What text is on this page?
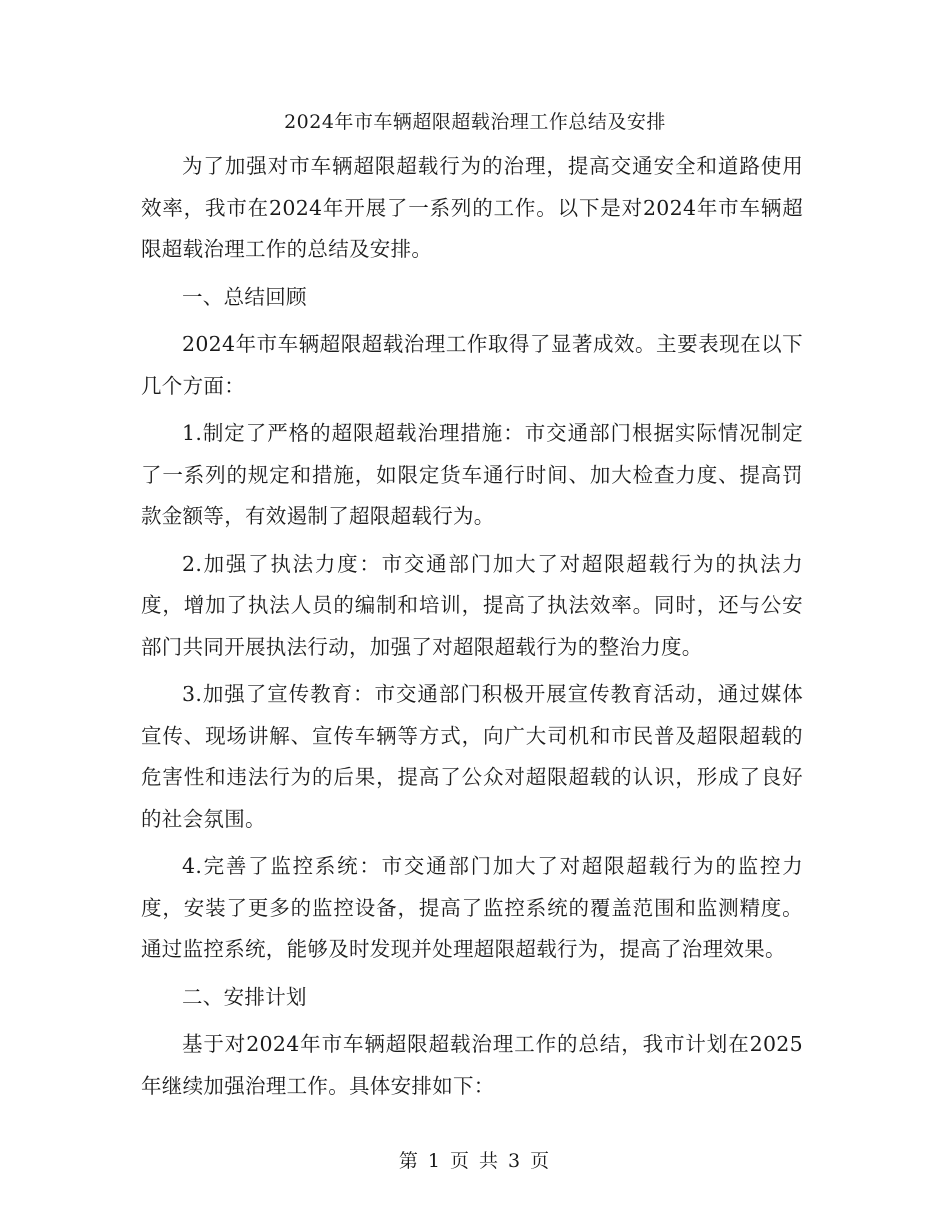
2024年市车辆超限超载治理工作总结及安排

为了加强对市车辆超限超载行为的治理，提高交通安全和道路使用效率，我市在2024年开展了一系列的工作。以下是对2024年市车辆超限超载治理工作的总结及安排。

一、总结回顾

2024年市车辆超限超载治理工作取得了显著成效。主要表现在以下几个方面：

1.制定了严格的超限超载治理措施：市交通部门根据实际情况制定了一系列的规定和措施，如限定货车通行时间、加大检查力度、提高罚款金额等，有效遏制了超限超载行为。

2.加强了执法力度：市交通部门加大了对超限超载行为的执法力度，增加了执法人员的编制和培训，提高了执法效率。同时，还与公安部门共同开展执法行动，加强了对超限超载行为的整治力度。

3.加强了宣传教育：市交通部门积极开展宣传教育活动，通过媒体宣传、现场讲解、宣传车辆等方式，向广大司机和市民普及超限超载的危害性和违法行为的后果，提高了公众对超限超载的认识，形成了良好的社会氛围。

4.完善了监控系统：市交通部门加大了对超限超载行为的监控力度，安装了更多的监控设备，提高了监控系统的覆盖范围和监测精度。通过监控系统，能够及时发现并处理超限超载行为，提高了治理效果。

二、安排计划

基于对2024年市车辆超限超载治理工作的总结，我市计划在2025年继续加强治理工作。具体安排如下：

第 1 页 共 3 页
